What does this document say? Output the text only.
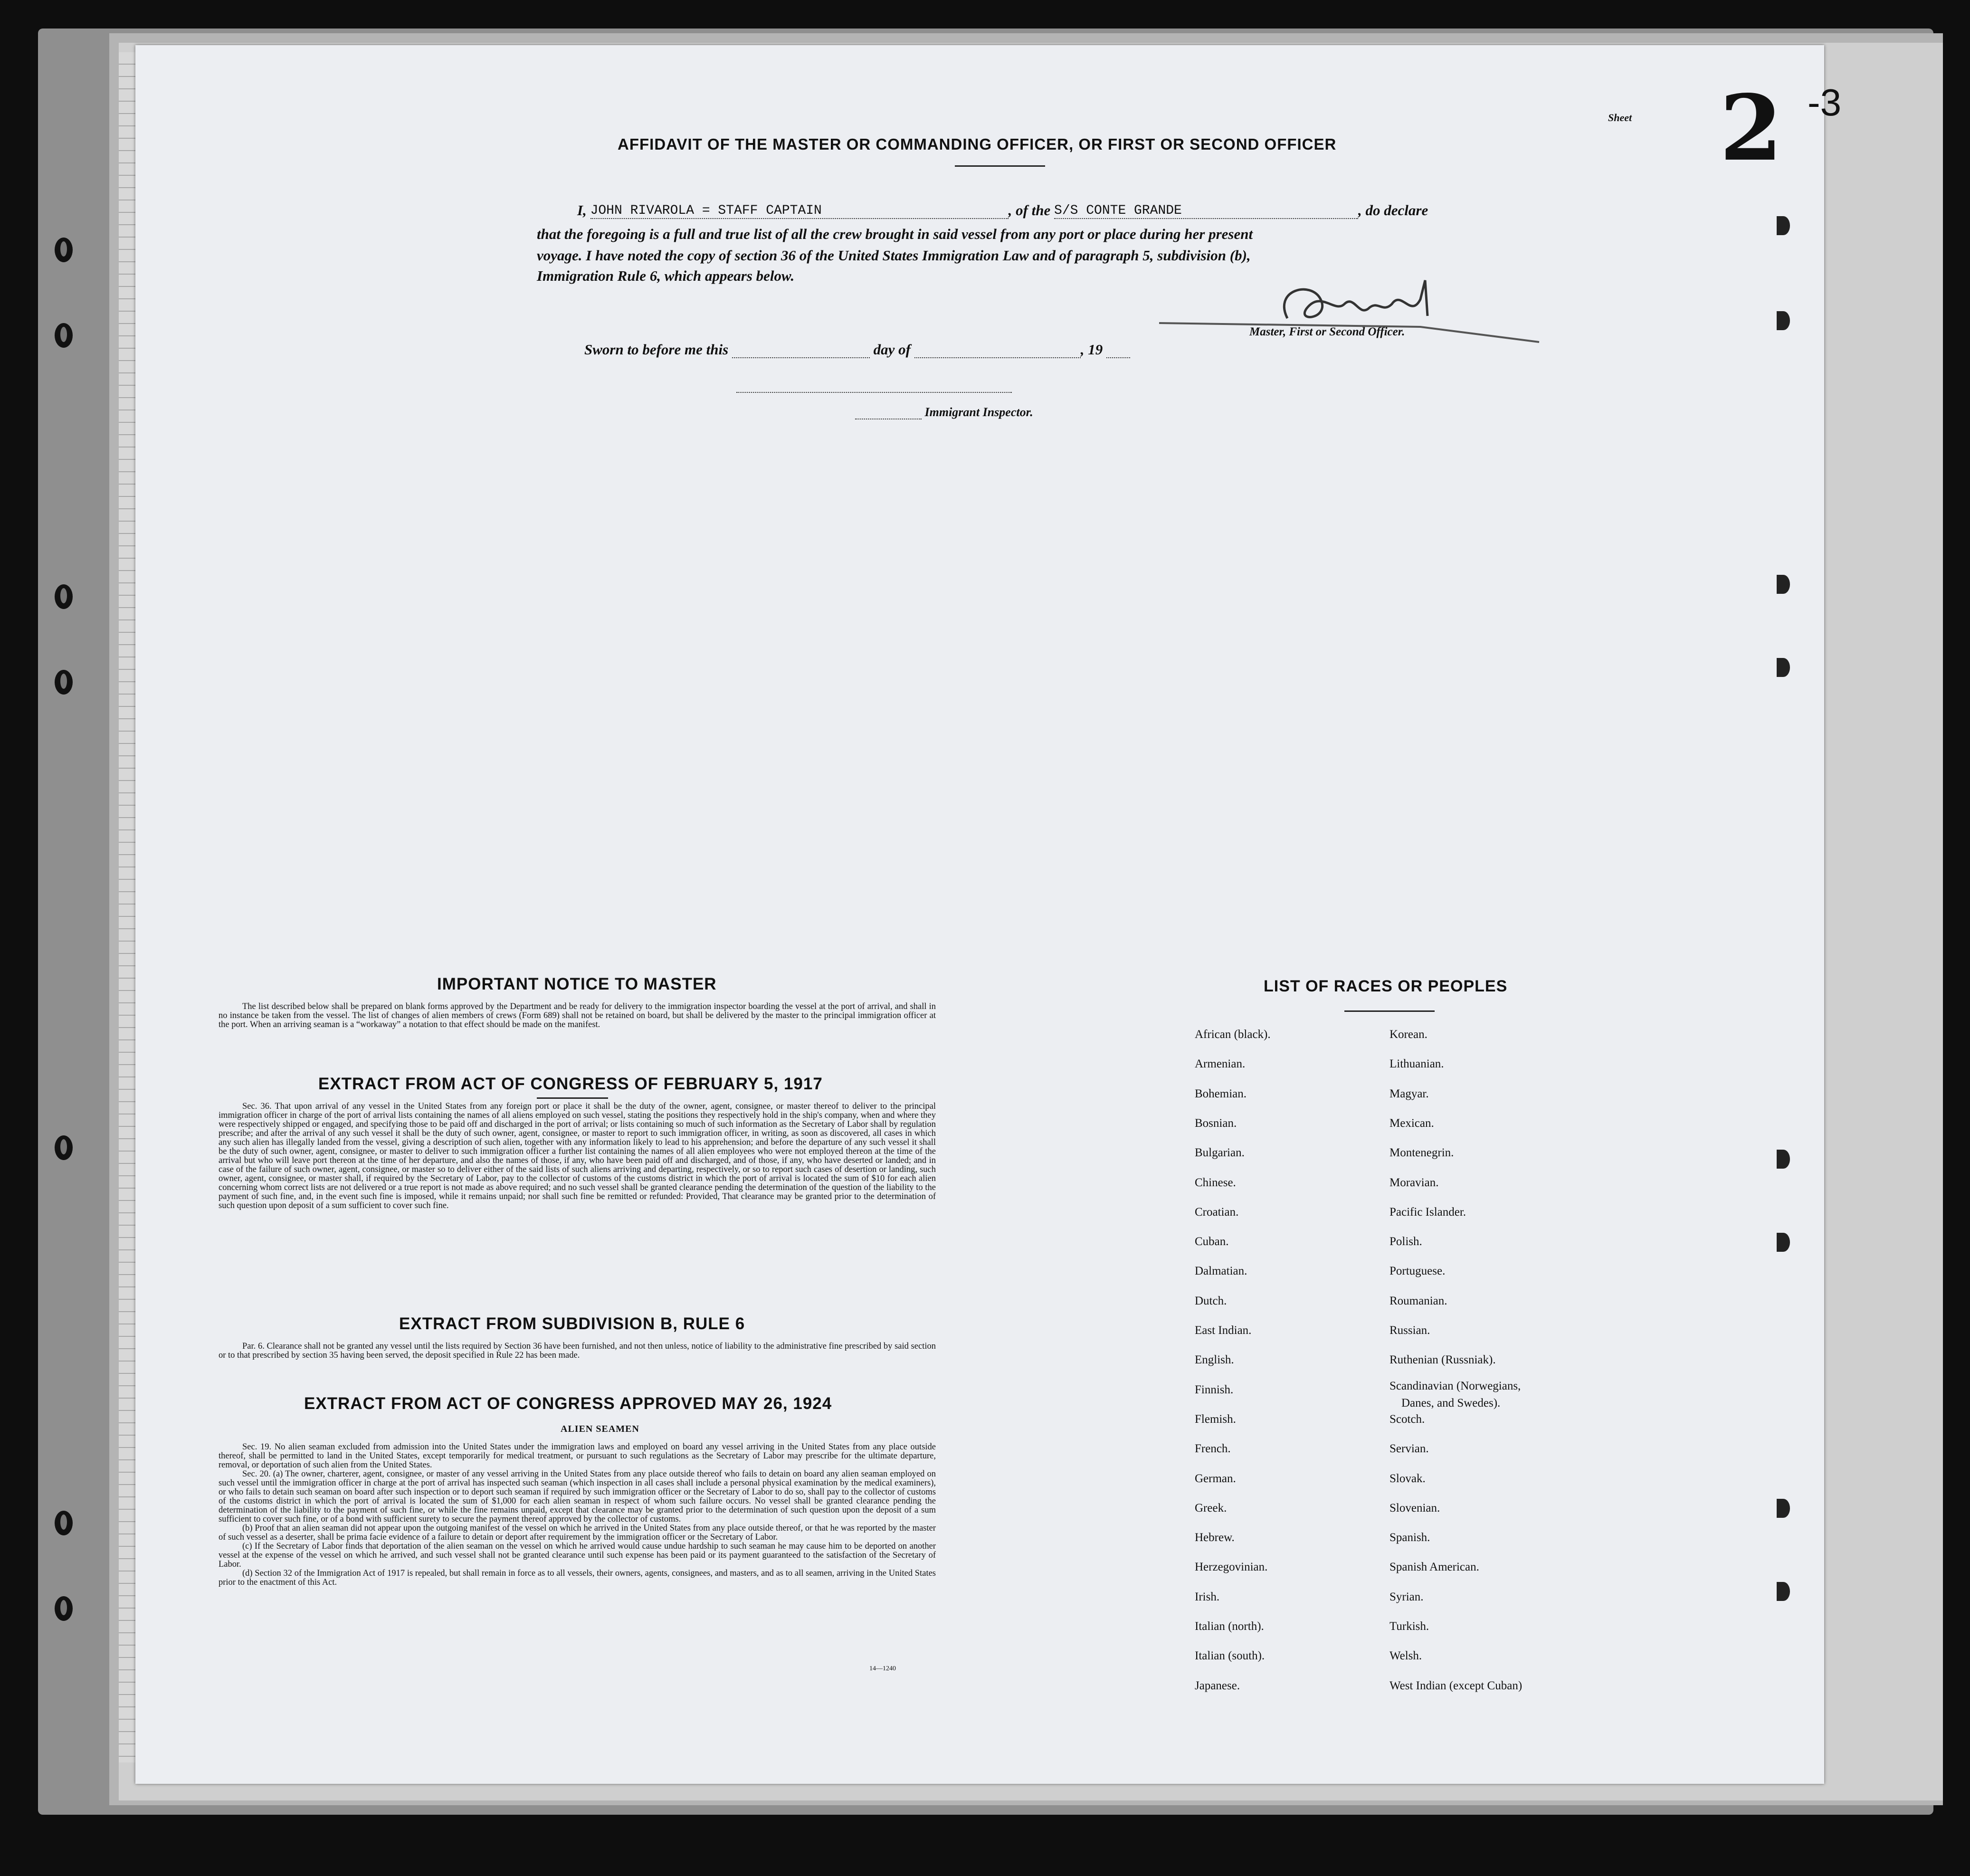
Sheet 2 -3
AFFIDAVIT OF THE MASTER OR COMMANDING OFFICER, OR FIRST OR SECOND OFFICER
I, JOHN RIVAROLA = STAFF CAPTAIN	, of the S/S CONTE GRANDE	, do declare
that the foregoing is a full and true list of all the crew brought in said vessel from any port or place during her present
voyage. I have noted the copy of section 36 of the United States Immigration Law and of paragraph 5, subdivision (b),
Immigration Rule 6, which appears below.
Master, First or Second Officer.
Sworn to before me this	day of	, 19
Immigrant Inspector.
IMPORTANT NOTICE TO MASTER

The list described below shall be prepared on blank forms approved by the Department and be ready for delivery to the immigration inspector boarding the vessel at the port of arrival, and shall in no instance be taken from the vessel. The list of changes of alien members of crews (Form 689) shall not be retained on board, but shall be delivered by the master to the principal immigration officer at the port. When an arriving seaman is a “workaway” a notation to that effect should be made on the manifest.

EXTRACT FROM ACT OF CONGRESS OF FEBRUARY 5, 1917

Sec. 36. That upon arrival of any vessel in the United States from any foreign port or place it shall be the duty of the owner, agent, consignee, or master thereof to deliver to the principal immigration officer in charge of the port of arrival lists containing the names of all aliens employed on such vessel, stating the positions they respectively hold in the ship's company, when and where they were respectively shipped or engaged, and specifying those to be paid off and discharged in the port of arrival; or lists containing so much of such information as the Secretary of Labor shall by regulation prescribe; and after the arrival of any such vessel it shall be the duty of such owner, agent, consignee, or master to report to such immigration officer, in writing, as soon as discovered, all cases in which any such alien has illegally landed from the vessel, giving a description of such alien, together with any information likely to lead to his apprehension; and before the departure of any such vessel it shall be the duty of such owner, agent, consignee, or master to deliver to such immigration officer a further list containing the names of all alien employees who were not employed thereon at the time of the arrival but who will leave port thereon at the time of her departure, and also the names of those, if any, who have been paid off and discharged, and of those, if any, who have deserted or landed; and in case of the failure of such owner, agent, consignee, or master so to deliver either of the said lists of such aliens arriving and departing, respectively, or so to report such cases of desertion or landing, such owner, agent, consignee, or master shall, if required by the Secretary of Labor, pay to the collector of customs of the customs district in which the port of arrival is located the sum of $10 for each alien concerning whom correct lists are not delivered or a true report is not made as above required; and no such vessel shall be granted clearance pending the determination of the question of the liability to the payment of such fine, and, in the event such fine is imposed, while it remains unpaid; nor shall such fine be remitted or refunded: Provided, That clearance may be granted prior to the determination of such question upon deposit of a sum sufficient to cover such fine.

EXTRACT FROM SUBDIVISION B, RULE 6

Par. 6. Clearance shall not be granted any vessel until the lists required by Section 36 have been furnished, and not then unless, notice of liability to the administrative fine prescribed by said section or to that prescribed by section 35 having been served, the deposit specified in Rule 22 has been made.

EXTRACT FROM ACT OF CONGRESS APPROVED MAY 26, 1924
ALIEN SEAMEN

Sec. 19. No alien seaman excluded from admission into the United States under the immigration laws and employed on board any vessel arriving in the United States from any place outside thereof, shall be permitted to land in the United States, except temporarily for medical treatment, or pursuant to such regulations as the Secretary of Labor may prescribe for the ultimate departure, removal, or deportation of such alien from the United States.

Sec. 20. (a) The owner, charterer, agent, consignee, or master of any vessel arriving in the United States from any place outside thereof who fails to detain on board any alien seaman employed on such vessel until the immigration officer in charge at the port of arrival has inspected such seaman (which inspection in all cases shall include a personal physical examination by the medical examiners), or who fails to detain such seaman on board after such inspection or to deport such seaman if required by such immigration officer or the Secretary of Labor to do so, shall pay to the collector of customs of the customs district in which the port of arrival is located the sum of $1,000 for each alien seaman in respect of whom such failure occurs. No vessel shall be granted clearance pending the determination of the liability to the payment of such fine, or while the fine remains unpaid, except that clearance may be granted prior to the determination of such question upon the deposit of a sum sufficient to cover such fine, or of a bond with sufficient surety to secure the payment thereof approved by the collector of customs.

(b) Proof that an alien seaman did not appear upon the outgoing manifest of the vessel on which he arrived in the United States from any place outside thereof, or that he was reported by the master of such vessel as a deserter, shall be prima facie evidence of a failure to detain or deport after requirement by the immigration officer or the Secretary of Labor.

(c) If the Secretary of Labor finds that deportation of the alien seaman on the vessel on which he arrived would cause undue hardship to such seaman he may cause him to be deported on another vessel at the expense of the vessel on which he arrived, and such vessel shall not be granted clearance until such expense has been paid or its payment guaranteed to the satisfaction of the Secretary of Labor.

(d) Section 32 of the Immigration Act of 1917 is repealed, but shall remain in force as to all vessels, their owners, agents, consignees, and masters, and as to all seamen, arriving in the United States prior to the enactment of this Act.

14—1240
LIST OF RACES OR PEOPLES
African (black).
Armenian.
Bohemian.
Bosnian.
Bulgarian.
Chinese.
Croatian.
Cuban.
Dalmatian.
Dutch.
East Indian.
English.
Finnish.
Flemish.
French.
German.
Greek.
Hebrew.
Herzegovinian.
Irish.
Italian (north).
Italian (south).
Japanese.
Korean.
Lithuanian.
Magyar.
Mexican.
Montenegrin.
Moravian.
Pacific Islander.
Polish.
Portuguese.
Roumanian.
Russian.
Ruthenian (Russniak).
Scandinavian (Norwegians,
Danes, and Swedes).
Scotch.
Servian.
Slovak.
Slovenian.
Spanish.
Spanish American.
Syrian.
Turkish.
Welsh.
West Indian (except Cuban)
